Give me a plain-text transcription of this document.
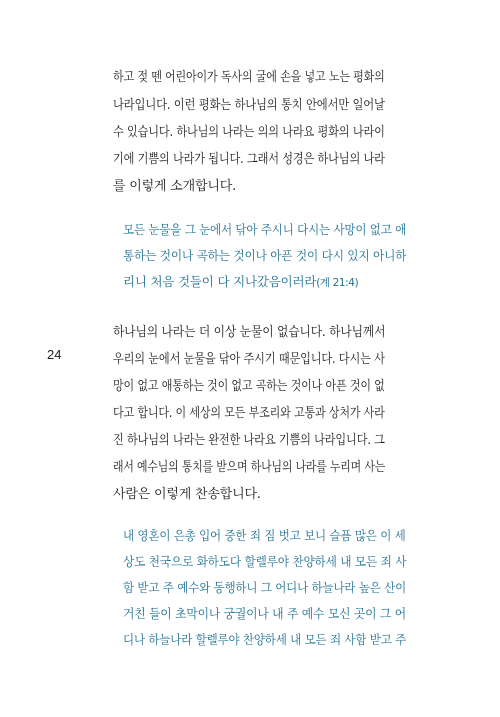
하고 젖 뗀 어린아이가 독사의 굴에 손을 넣고 노는 평화의
나라입니다. 이런 평화는 하나님의 통치 안에서만 일어날
수 있습니다. 하나님의 나라는 의의 나라요 평화의 나라이
기에 기쁨의 나라가 됩니다. 그래서 성경은 하나님의 나라
를 이렇게 소개합니다.
모든 눈물을 그 눈에서 닦아 주시니 다시는 사망이 없고 애
통하는 것이나 곡하는 것이나 아픈 것이 다시 있지 아니하
리니 처음 것들이 다 지나갔음이러라(계 21:4)
24
하나님의 나라는 더 이상 눈물이 없습니다. 하나님께서
우리의 눈에서 눈물을 닦아 주시기 때문입니다. 다시는 사
망이 없고 애통하는 것이 없고 곡하는 것이나 아픈 것이 없
다고 합니다. 이 세상의 모든 부조리와 고통과 상처가 사라
진 하나님의 나라는 완전한 나라요 기쁨의 나라입니다. 그
래서 예수님의 통치를 받으며 하나님의 나라를 누리며 사는
사람은 이렇게 찬송합니다.
내 영혼이 은총 입어 중한 죄 짐 벗고 보니 슬픔 많은 이 세
상도 천국으로 화하도다 할렐루야 찬양하세 내 모든 죄 사
함 받고 주 예수와 동행하니 그 어디나 하늘나라 높은 산이
거친 들이 초막이나 궁궐이나 내 주 예수 모신 곳이 그 어
디나 하늘나라 할렐루야 찬양하세 내 모든 죄 사함 받고 주
